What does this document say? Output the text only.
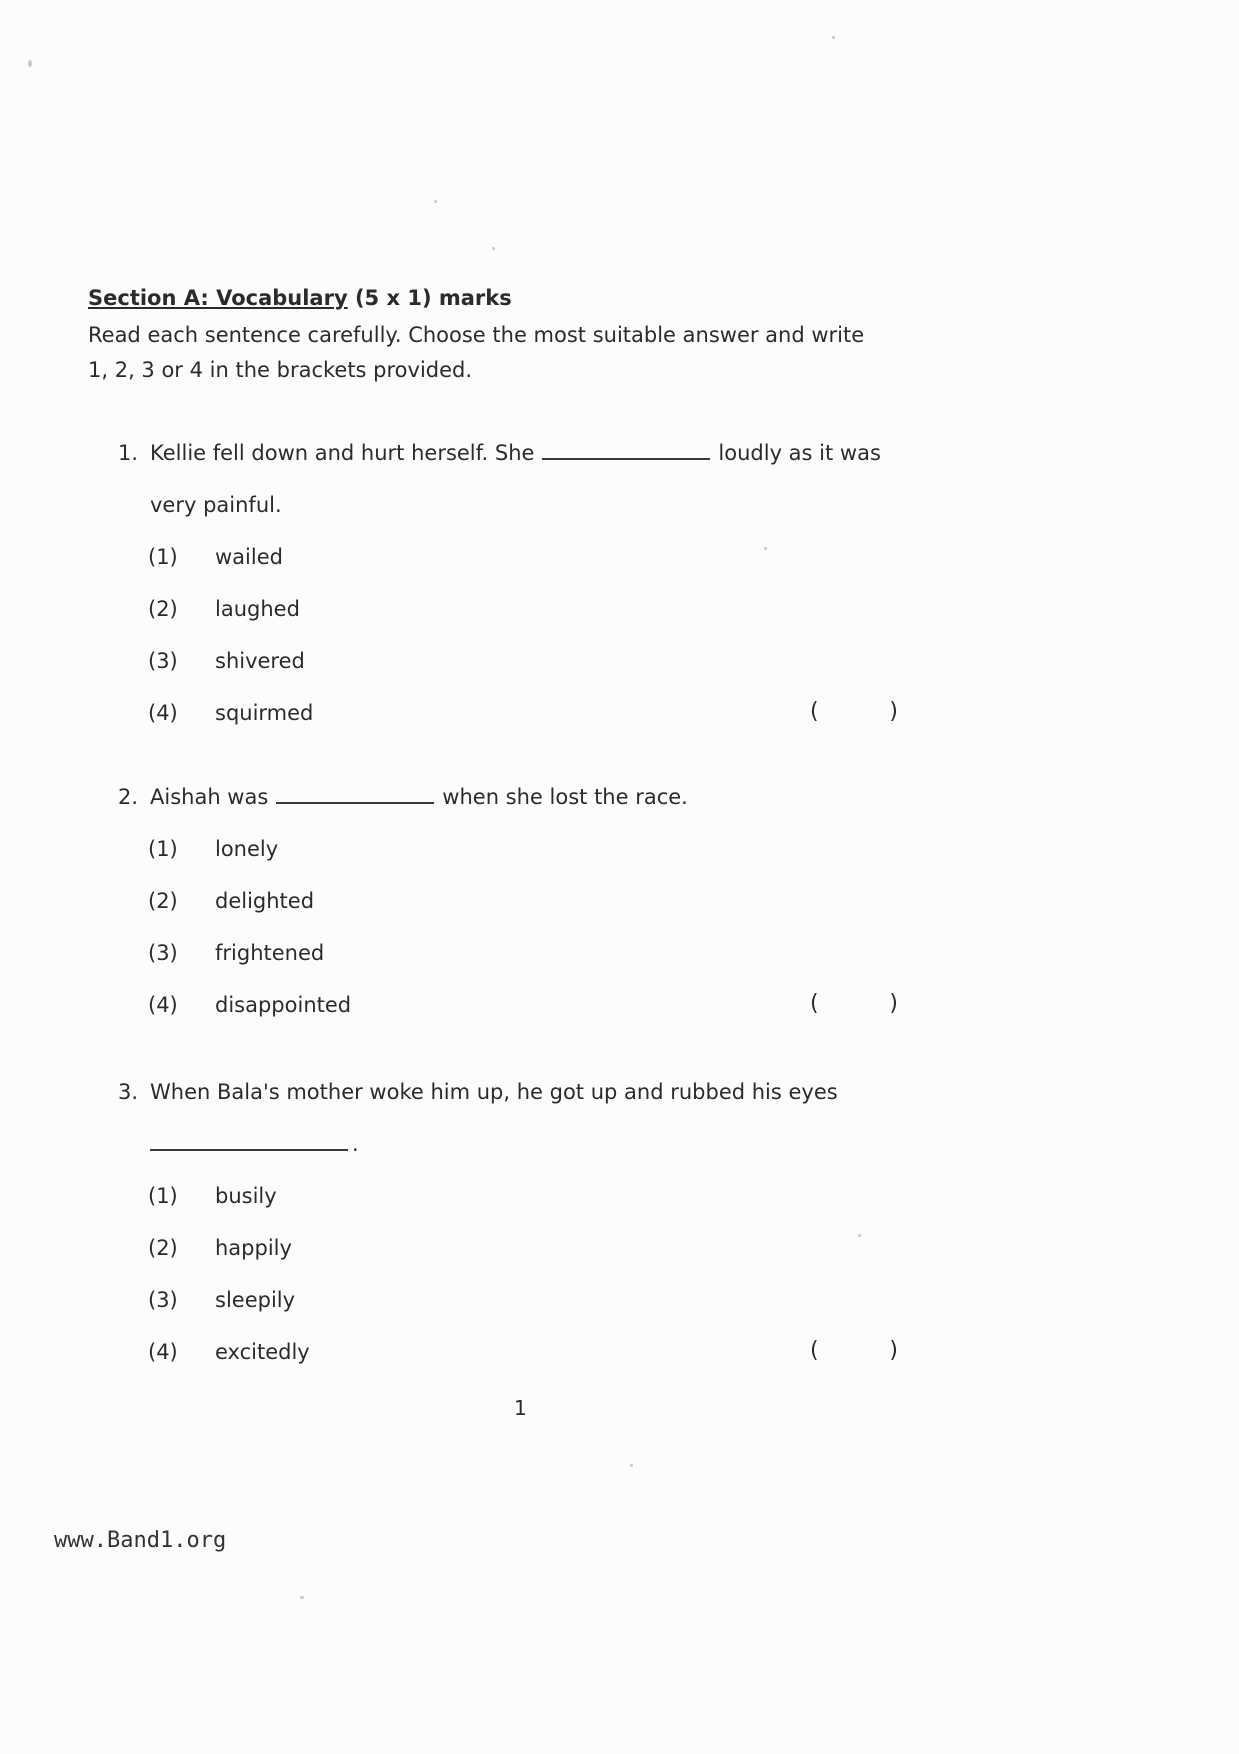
Section A: Vocabulary (5 x 1) marks
Read each sentence carefully. Choose the most suitable answer and write
1, 2, 3 or 4 in the brackets provided.
1. Kellie fell down and hurt herself. She	loudly as it was
very painful.
(1)	wailed
(2)	laughed
(3)	shivered
(4)	squirmed	(	)
2. Aishah was	when she lost the race.
(1)	lonely
(2)	delighted
(3)	frightened
(4)	disappointed	(	)
3. When Bala's mother woke him up, he got up and rubbed his eyes
.
(1)	busily
(2)	happily
(3)	sleepily
(4)	excitedly	(	)
1
www.Band1.org
